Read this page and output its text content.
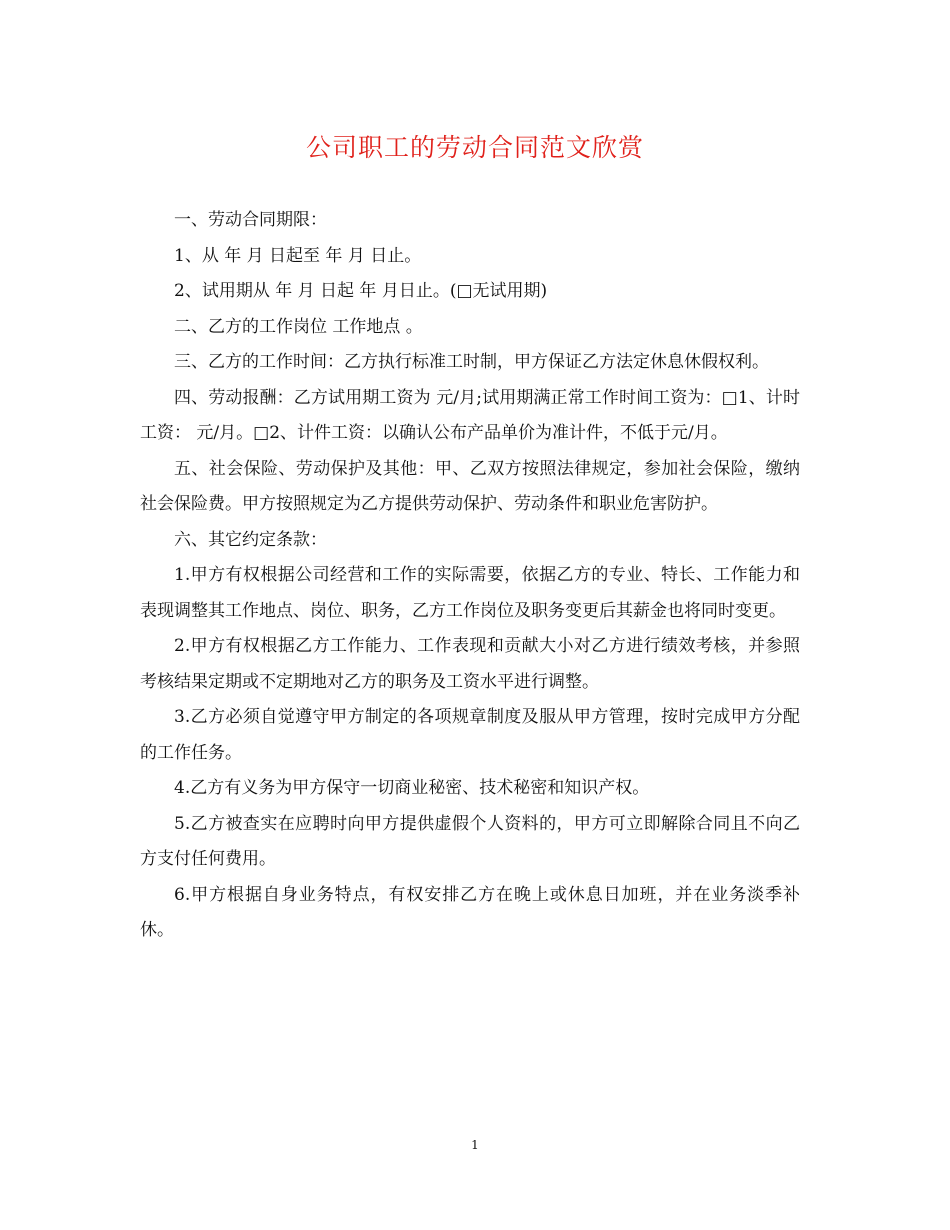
公司职工的劳动合同范文欣赏

一、劳动合同期限：

1、从 年 月 日起至 年 月 日止。

2、试用期从 年 月 日起 年 月日止。(□无试用期)

二、乙方的工作岗位 工作地点 。

三、乙方的工作时间：乙方执行标准工时制，甲方保证乙方法定休息休假权利。

四、劳动报酬：乙方试用期工资为 元/月;试用期满正常工作时间工资为：□1、计时工资： 元/月。□2、计件工资：以确认公布产品单价为准计件，不低于元/月。

五、社会保险、劳动保护及其他：甲、乙双方按照法律规定，参加社会保险，缴纳社会保险费。甲方按照规定为乙方提供劳动保护、劳动条件和职业危害防护。

六、其它约定条款：

1.甲方有权根据公司经营和工作的实际需要，依据乙方的专业、特长、工作能力和表现调整其工作地点、岗位、职务，乙方工作岗位及职务变更后其薪金也将同时变更。

2.甲方有权根据乙方工作能力、工作表现和贡献大小对乙方进行绩效考核，并参照考核结果定期或不定期地对乙方的职务及工资水平进行调整。

3.乙方必须自觉遵守甲方制定的各项规章制度及服从甲方管理，按时完成甲方分配的工作任务。

4.乙方有义务为甲方保守一切商业秘密、技术秘密和知识产权。

5.乙方被查实在应聘时向甲方提供虚假个人资料的，甲方可立即解除合同且不向乙方支付任何费用。

6.甲方根据自身业务特点，有权安排乙方在晚上或休息日加班，并在业务淡季补休。

1
